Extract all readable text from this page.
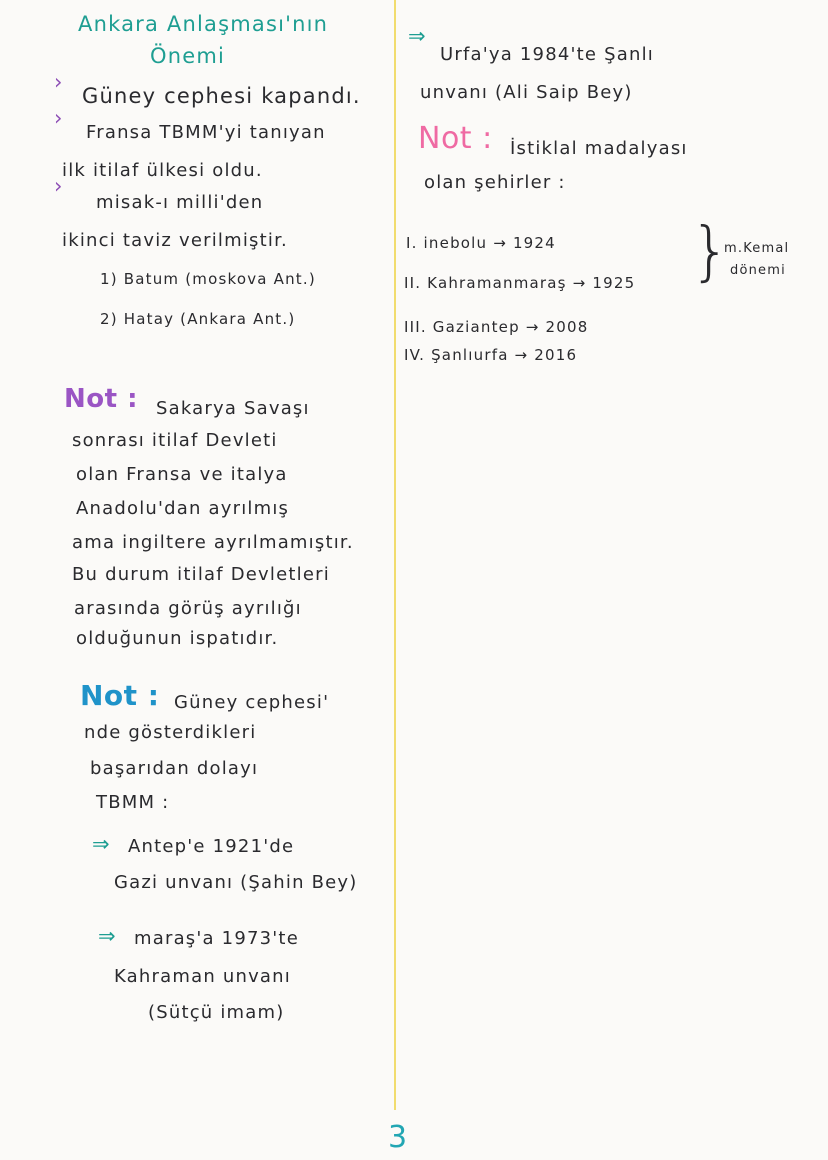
Ankara Anlaşması'nın
Önemi
›
Güney cephesi kapandı.
›
Fransa TBMM'yi tanıyan
ilk itilaf ülkesi oldu.
›
misak-ı milli'den
ikinci taviz verilmiştir.
1) Batum (moskova Ant.)
2) Hatay (Ankara Ant.)
Not : Sakarya Savaşı
sonrası itilaf Devleti
olan Fransa ve italya
Anadolu'dan ayrılmış
ama ingiltere ayrılmamıştır.
Bu durum itilaf Devletleri
arasında görüş ayrılığı
olduğunun ispatıdır.
Not : Güney cephesi'
nde gösterdikleri
başarıdan dolayı
TBMM :
⇒ Antep'e 1921'de
Gazi unvanı (Şahin Bey)
⇒ maraş'a 1973'te
Kahraman unvanı
(Sütçü imam)
⇒
Urfa'ya 1984'te Şanlı
unvanı (Ali Saip Bey)
Not : İstiklal madalyası
olan şehirler :
I. inebolu → 1924
II. Kahramanmaraş → 1925
III. Gaziantep → 2008
IV. Şanlıurfa → 2016
}
m.Kemal
dönemi
3
